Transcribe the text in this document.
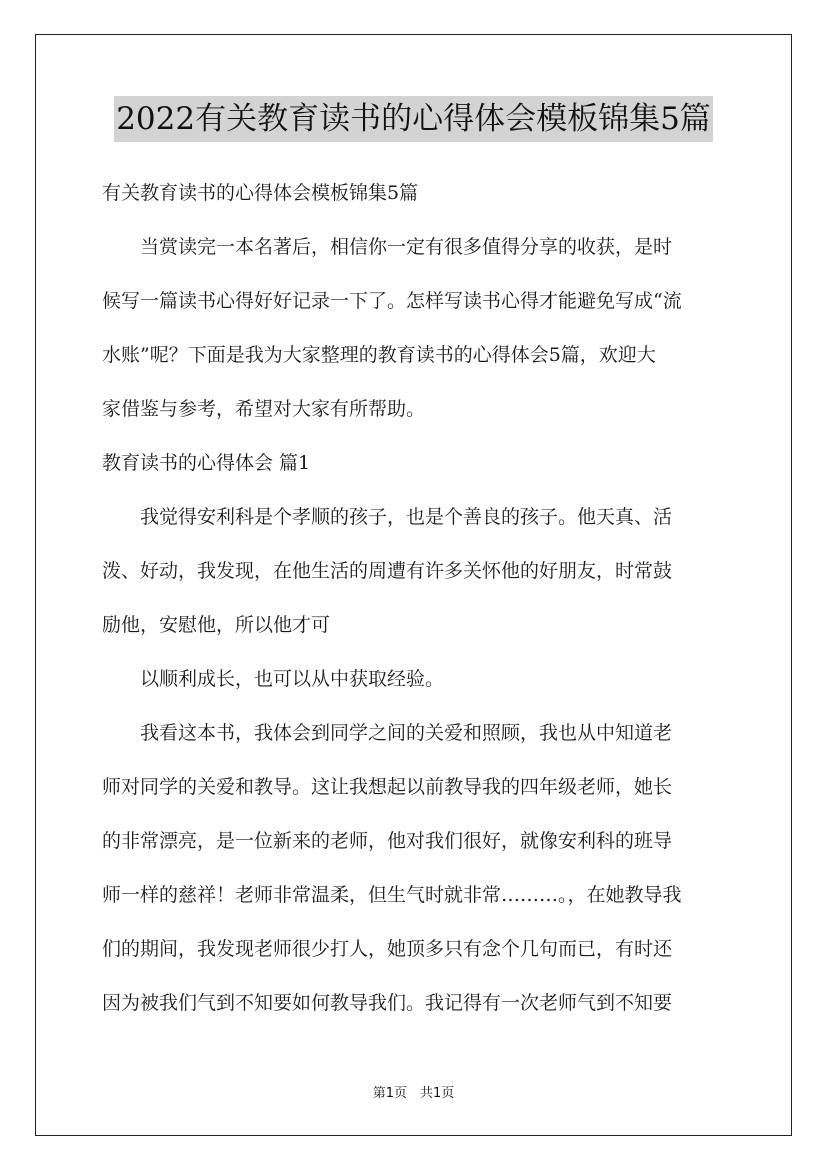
2022有关教育读书的心得体会模板锦集5篇
有关教育读书的心得体会模板锦集5篇
　　当赏读完一本名著后，相信你一定有很多值得分享的收获，是时
候写一篇读书心得好好记录一下了。怎样写读书心得才能避免写成“流
水账”呢？下面是我为大家整理的教育读书的心得体会5篇，欢迎大
家借鉴与参考，希望对大家有所帮助。
教育读书的心得体会 篇1
　　我觉得安利科是个孝顺的孩子，也是个善良的孩子。他天真、活
泼、好动，我发现，在他生活的周遭有许多关怀他的好朋友，时常鼓
励他，安慰他，所以他才可
　　以顺利成长，也可以从中获取经验。
　　我看这本书，我体会到同学之间的关爱和照顾，我也从中知道老
师对同学的关爱和教导。这让我想起以前教导我的四年级老师，她长
的非常漂亮，是一位新来的老师，他对我们很好，就像安利科的班导
师一样的慈祥！老师非常温柔，但生气时就非常………。，在她教导我
们的期间，我发现老师很少打人，她顶多只有念个几句而已，有时还
因为被我们气到不知要如何教导我们。我记得有一次老师气到不知要
第1页　共1页
